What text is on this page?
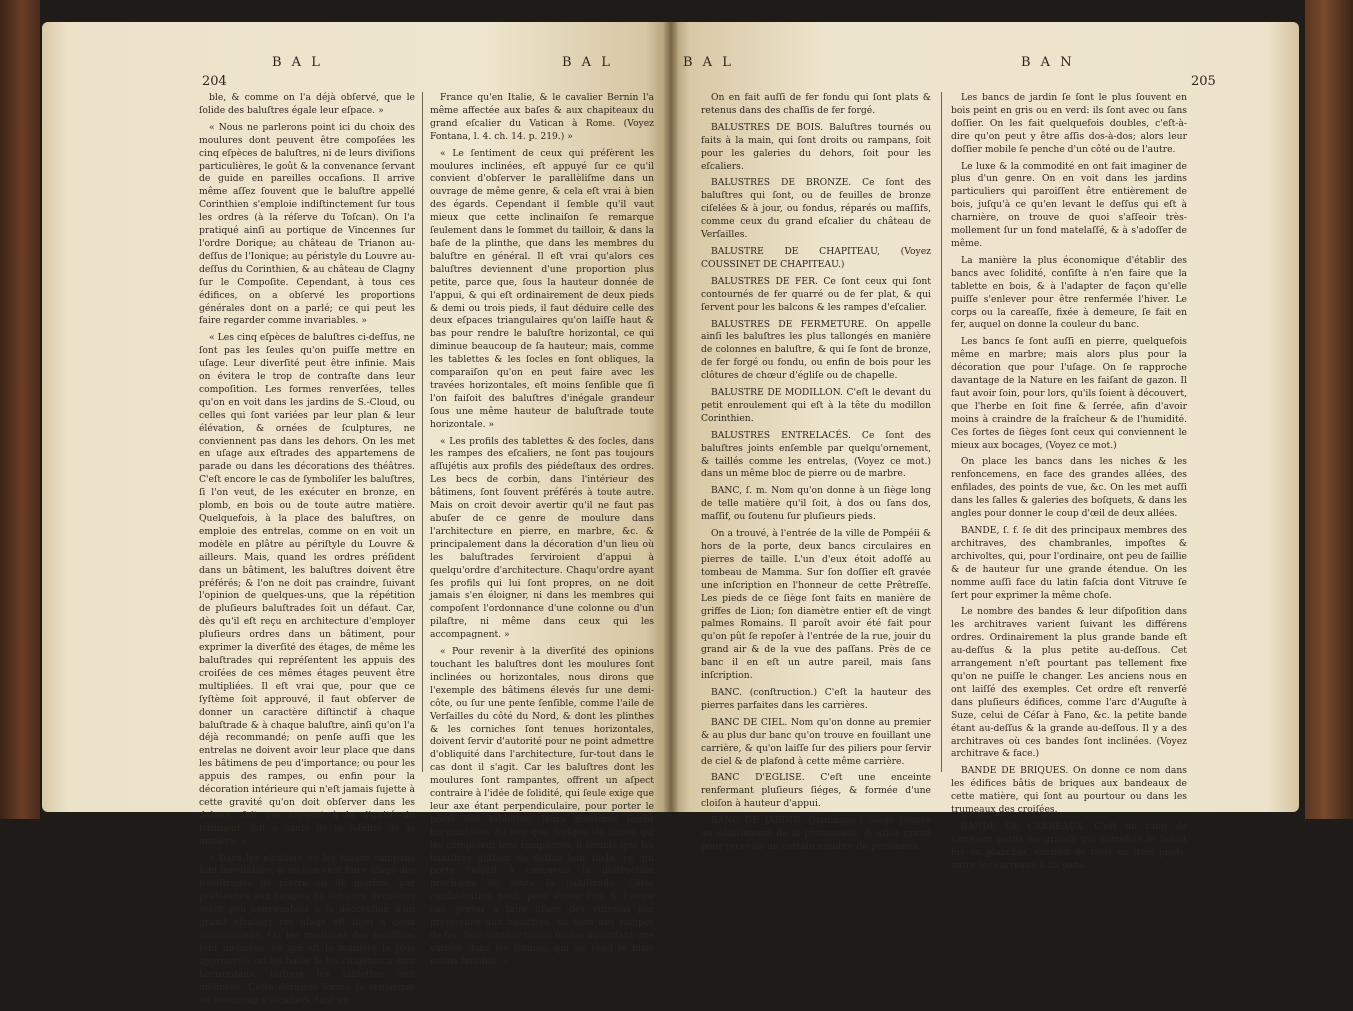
204
B A L	B A L

ble, & comme on l'a déjà obſervé, que le ſolide des baluſtres égale leur eſpace. »

« Nous ne parlerons point ici du choix des moulures dont peuvent être compoſées les cinq eſpèces de baluſtres, ni de leurs diviſions particulières, le goût & la convenance ſervant de guide en pareilles occaſions. Il arrive même aſſez ſouvent que le baluſtre appellé Corinthien s'emploie indiſtinctement ſur tous les ordres (à la réſerve du Toſcan). On l'a pratiqué ainſi au portique de Vincennes ſur l'ordre Dorique; au château de Trianon au-deſſus de l'Ionique; au péristyle du Louvre au-deſſus du Corinthien, & au château de Clagny ſur le Compoſite. Cependant, à tous ces édifices, on a obſervé les proportions générales dont on a parlé; ce qui peut les faire regarder comme invariables. »

« Les cinq eſpèces de baluſtres ci-deſſus, ne ſont pas les ſeules qu'on puiſſe mettre en uſage. Leur diverſité peut être infinie. Mais on évitera le trop de contraſte dans leur compoſition. Les formes renverſées, telles qu'on en voit dans les jardins de S.-Cloud, ou celles qui ſont variées par leur plan & leur élévation, & ornées de ſculptures, ne conviennent pas dans les dehors. On les met en uſage aux eſtrades des appartemens de parade ou dans les décorations des théâtres. C'eſt encore le cas de ſymboliſer les baluſtres, ſi l'on veut, de les exécuter en bronze, en plomb, en bois ou de toute autre matière. Quelquefois, à la place des baluſtres, on emploie des entrelas, comme on en voit un modèle en plâtre au périſtyle du Louvre & ailleurs. Mais, quand les ordres préſident dans un bâtiment, les baluſtres doivent être préférés; & l'on ne doit pas craindre, ſuivant l'opinion de quelques-uns, que la répétition de pluſieurs baluſtrades ſoit un défaut. Car, dès qu'il eſt reçu en architecture d'employer pluſieurs ordres dans un bâtiment, pour exprimer la diverſité des étages, de même les baluſtrades qui repréſentent les appuis des croiſées de ces mêmes étages peuvent être multipliées. Il eſt vrai que, pour que ce ſyſtème ſoit approuvé, il faut obſerver de donner un caractère diſtinctif à chaque baluſtrade & à chaque baluſtre, ainſi qu'on l'a déjà recommandé; on penſe auſſi que les entrelas ne doivent avoir leur place que dans les bâtimens de peu d'importance; ou pour les appuis des rampes, ou enfin pour la décoration intérieure qui n'eſt jamais ſujette à cette gravité qu'on doit obſerver dans les dehors, ſoit par rapport à la dignité du bâtiment, ſoit à cauſe de la ſolidité de la matière. »

« Dans les eſcaliers où les limons rampans ſont inévitables, & où l'on veut faire uſage des baluſtrades de pierre ou de marbre, par préférence aux rampes de fer, (ces dernières étant peu convenables à la décoration d'un grand eſcalier) cet uſage eſt ſujet à deux inconvéniens. Ou les moulures des baluſtres ſont inclinées, ce qui eſt la manière la plus approuvée; ou les baſes & les chapiteaux ſont horizontaux, lorſque les tablettes ſont inclinées. Cette dernière forme ſe remarque en beaucoup d'eſcaliers, tant en

France qu'en Italie, & le cavalier Bernin l'a même affectée aux baſes & aux chapiteaux du grand eſcalier du Vatican à Rome. (Voyez Fontana, l. 4. ch. 14. p. 219.) »

« Le ſentiment de ceux qui préfèrent les moulures inclinées, eſt appuyé ſur ce qu'il convient d'obſerver le parallèliſme dans un ouvrage de même genre, & cela eſt vrai à bien des égards. Cependant il ſemble qu'il vaut mieux que cette inclinaiſon ſe remarque ſeulement dans le ſommet du tailloir, & dans la baſe de la plinthe, que dans les membres du baluſtre en général. Il eſt vrai qu'alors ces baluſtres deviennent d'une proportion plus petite, parce que, ſous la hauteur donnée de l'appui, & qui eſt ordinairement de deux pieds & demi ou trois pieds, il faut déduire celle des deux eſpaces triangulaires qu'on laiſſe haut & bas pour rendre le baluſtre horizontal, ce qui diminue beaucoup de ſa hauteur; mais, comme les tablettes & les ſocles en ſont obliques, la comparaiſon qu'on en peut faire avec les travées horizontales, eſt moins ſenſible que ſi l'on faiſoit des baluſtres d'inégale grandeur ſous une même hauteur de baluſtrade toute horizontale. »

« Les profils des tablettes & des ſocles, dans les rampes des eſcaliers, ne ſont pas toujours aſſujétis aux profils des piédeſtaux des ordres. Les becs de corbin, dans l'intérieur des bâtimens, ſont ſouvent préférés à toute autre. Mais on croit devoir avertir qu'il ne faut pas abuſer de ce genre de moulure dans l'architecture en pierre, en marbre, &c. & principalement dans la décoration d'un lieu où les baluſtrades ſerviroient d'appui à quelqu'ordre d'architecture. Chaqu'ordre ayant ſes profils qui lui ſont propres, on ne doit jamais s'en éloigner, ni dans les membres qui compoſent l'ordonnance d'une colonne ou d'un pilaſtre, ni même dans ceux qui les accompagnent. »

« Pour revenir à la diverſité des opinions touchant les baluſtres dont les moulures ſont inclinées ou horizontales, nous dirons que l'exemple des bâtimens élevés ſur une demi-côte, ou ſur une pente ſenſible, comme l'aile de Verſailles du côté du Nord, & dont les plinthes & les corniches ſont tenues horizontales, doivent ſervir d'autorité pour ne point admettre d'obliquité dans l'architecture, ſur-tout dans le cas dont il s'agit. Car les baluſtres dont les moulures ſont rampantes, offrent un aſpect contraire à l'idée de ſolidité, qui ſeule exige que leur axe étant perpendiculaire, pour porter le poids des tablettes, leurs moulures ſoient horizontales. Au lieu que, lorſque les lignes qui les compoſent ſont rampantes, il ſemble que les baluſtres gliſſent de deſſus leur ſocle; ce qui porte l'eſprit à concevoir la deſtruction prochaine de toute la baluſtrade. Cette conſidération peut, pour éviter l'un & l'autre cas, porter à faire uſage des entrelas par préférence aux baluſtres, ou bien des rampes de fer; leur contour moins ſévère autoriſant une variété dans les formes, qui ne rend le biais moins ſenſible. »

B A L	B A N
205

On en fait auſſi de fer fondu qui ſont plats & retenus dans des chaſſis de fer forgé.

BALUSTRES DE BOIS. Baluſtres tournés ou faits à la main, qui ſont droits ou rampans, ſoit pour les galeries du dehors, ſoit pour les eſcaliers.

BALUSTRES DE BRONZE. Ce ſont des baluſtres qui ſont, ou de feuilles de bronze ciſelées & à jour, ou fondus, réparés ou maſſifs, comme ceux du grand eſcalier du château de Verſailles.

BALUSTRE DE CHAPITEAU, (Voyez COUSSINET DE CHAPITEAU.)

BALUSTRES DE FER. Ce ſont ceux qui ſont contournés de fer quarré ou de fer plat, & qui ſervent pour les balcons & les rampes d'eſcalier.

BALUSTRES DE FERMETURE. On appelle ainſi les baluſtres les plus tallongés en manière de colonnes en baluſtre, & qui ſe ſont de bronze, de fer forgé ou fondu, ou enfin de bois pour les clôtures de chœur d'égliſe ou de chapelle.

BALUSTRE DE MODILLON. C'eſt le devant du petit enroulement qui eſt à la tête du modillon Corinthien.

BALUSTRES ENTRELACÉS. Ce ſont des baluſtres joints enſemble par quelqu'ornement, & taillés comme les entrelas, (Voyez ce mot.) dans un même bloc de pierre ou de marbre.

BANC, ſ. m. Nom qu'on donne à un ſiège long de telle matière qu'il ſoit, à dos ou ſans dos, maſſif, ou ſoutenu ſur pluſieurs pieds.

On a trouvé, à l'entrée de la ville de Pompéii & hors de la porte, deux bancs circulaires en pierres de taille. L'un d'eux étoit adoſſé au tombeau de Mamma. Sur ſon doſſier eſt gravée une inſcription en l'honneur de cette Prêtreſſe. Les pieds de ce ſiège ſont faits en manière de griffes de Lion; ſon diamètre entier eſt de vingt palmes Romains. Il paroît avoir été fait pour qu'on pût ſe repoſer à l'entrée de la rue, jouir du grand air & de la vue des paſſans. Près de ce banc il en eſt un autre pareil, mais ſans inſcription.

BANC. (conſtruction.) C'eſt la hauteur des pierres parfaites dans les carrières.

BANC DE CIEL. Nom qu'on donne au premier & au plus dur banc qu'on trouve en fouillant une carrière, & qu'on laiſſe ſur des piliers pour ſervir de ciel & de plafond à cette même carrière.

BANC D'EGLISE. C'eſt une enceinte renfermant pluſieurs ſiéges, & formée d'une cloiſon à hauteur d'appui.

BANC DE JARDIN. (jardinage.) Siège propre au délaſſement de la promenade, & aſſez grand pour recevoir un certain nombre de perſonnes.

Les bancs de jardin ſe ſont le plus ſouvent en bois peint en gris ou en verd: ils ſont avec ou ſans doſſier. On les fait quelquefois doubles, c'eſt-à-dire qu'on peut y être aſſis dos-à-dos; alors leur doſſier mobile ſe penche d'un côté ou de l'autre.

Le luxe & la commodité en ont fait imaginer de plus d'un genre. On en voit dans les jardins particuliers qui paroiſſent être entièrement de bois, juſqu'à ce qu'en levant le deſſus qui eſt à charnière, on trouve de quoi s'aſſeoir très-mollement ſur un fond matelaſſé, & à s'adoſſer de même.

La manière la plus économique d'établir des bancs avec ſolidité, conſiſte à n'en faire que la tablette en bois, & à l'adapter de façon qu'elle puiſſe s'enlever pour être renfermée l'hiver. Le corps ou la careaſſe, fixée à demeure, ſe fait en fer, auquel on donne la couleur du banc.

Les bancs ſe ſont auſſi en pierre, quelquefois même en marbre; mais alors plus pour la décoration que pour l'uſage. On ſe rapproche davantage de la Nature en les faiſant de gazon. Il faut avoir ſoin, pour lors, qu'ils ſoient à découvert, que l'herbe en ſoit fine & ſerrée, afin d'avoir moins à craindre de la fraîcheur & de l'humidité. Ces ſortes de ſièges ſont ceux qui conviennent le mieux aux bocages, (Voyez ce mot.)

On place les bancs dans les niches & les renfoncemens, en face des grandes allées, des enfilades, des points de vue, &c. On les met auſſi dans les ſalles & galeries des boſquets, & dans les angles pour donner le coup d'œil de deux allées.

BANDE, ſ. f. ſe dit des principaux membres des architraves, des chambranles, impoſtes & archivoltes, qui, pour l'ordinaire, ont peu de ſaillie & de hauteur ſur une grande étendue. On les nomme auſſi face du latin faſcia dont Vitruve ſe ſert pour exprimer la même choſe.

Le nombre des bandes & leur diſpoſition dans les architraves varient ſuivant les différens ordres. Ordinairement la plus grande bande eſt au-deſſus & la plus petite au-deſſous. Cet arrangement n'eſt pourtant pas tellement fixe qu'on ne puiſſe le changer. Les anciens nous en ont laiſſé des exemples. Cet ordre eſt renverſé dans pluſieurs édifices, comme l'arc d'Auguſte à Suze, celui de Céſar à Fano, &c. la petite bande étant au-deſſus & la grande au-deſſous. Il y a des architraves où ces bandes ſont inclinées. (Voyez architrave & face.)

BANDE DE BRIQUES. On donne ce nom dans les édifices bâtis de briques aux bandeaux de cette matière, qui ſont au pourtour ou dans les trumeaux des croiſées.

BANDE DE CARREAUX. C'eſt un rang de carreaux petits ou grands qui autrefois ſe faiſoit ſur un plancher, environ de trois en trois pieds, entre les carreaux à ſix pans.
